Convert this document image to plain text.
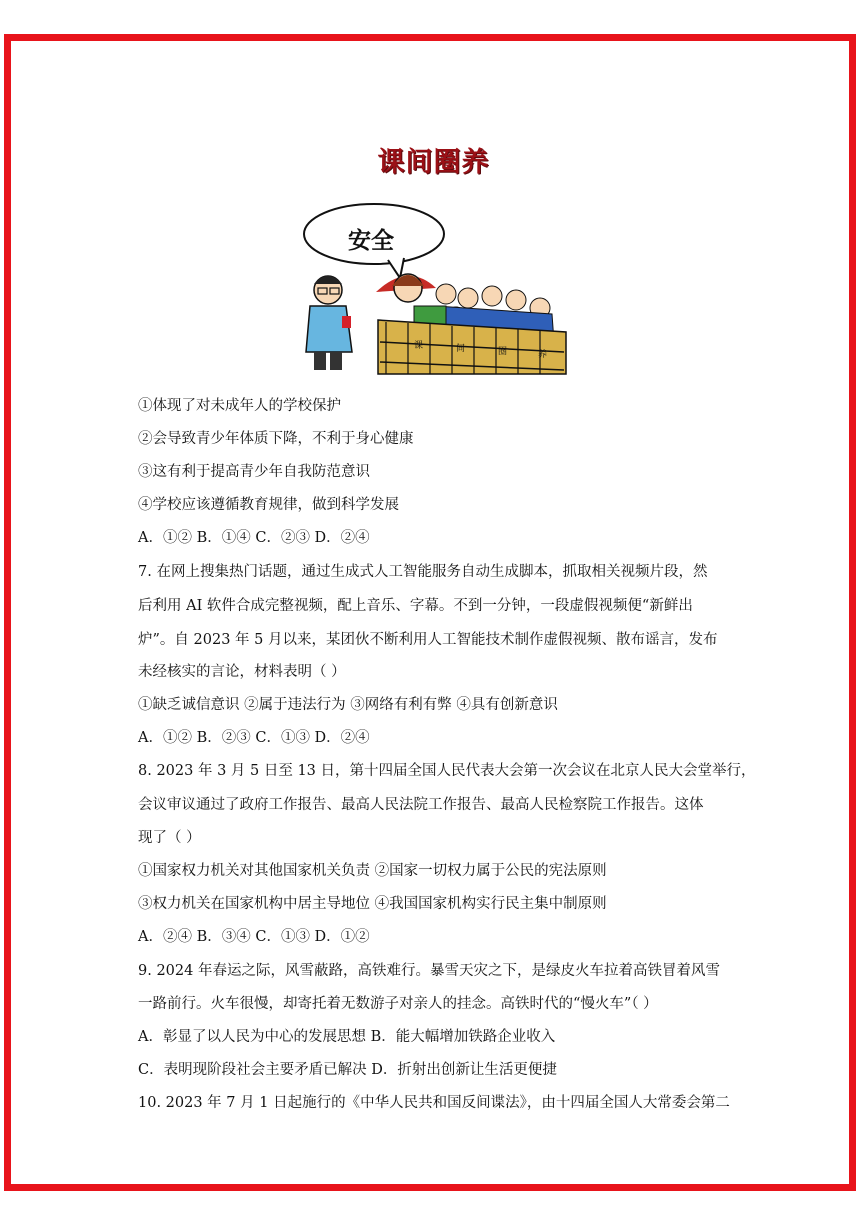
课间圈养
课	间	圈	养
安全
①体现了对未成年人的学校保护
②会导致青少年体质下降，不利于身心健康
③这有利于提高青少年自我防范意识
④学校应该遵循教育规律，做到科学发展
A．①② B．①④ C．②③ D．②④
7. 在网上搜集热门话题，通过生成式人工智能服务自动生成脚本，抓取相关视频片段，然
后利用 AI 软件合成完整视频，配上音乐、字幕。不到一分钟，一段虚假视频便“新鲜出
炉”。自 2023 年 5 月以来，某团伙不断利用人工智能技术制作虚假视频、散布谣言，发布
未经核实的言论，材料表明（ ）
①缺乏诚信意识 ②属于违法行为 ③网络有利有弊 ④具有创新意识
A．①② B．②③ C．①③ D．②④
8. 2023 年 3 月 5 日至 13 日，第十四届全国人民代表大会第一次会议在北京人民大会堂举行，
会议审议通过了政府工作报告、最高人民法院工作报告、最高人民检察院工作报告。这体
现了（ ）
①国家权力机关对其他国家机关负责 ②国家一切权力属于公民的宪法原则
③权力机关在国家机构中居主导地位 ④我国国家机构实行民主集中制原则
A．②④ B．③④ C．①③ D．①②
9. 2024 年春运之际，风雪蔽路，高铁难行。暴雪天灾之下，是绿皮火车拉着高铁冒着风雪
一路前行。火车很慢，却寄托着无数游子对亲人的挂念。高铁时代的“慢火车”（ ）
A．彰显了以人民为中心的发展思想 B．能大幅增加铁路企业收入
C．表明现阶段社会主要矛盾已解决 D．折射出创新让生活更便捷
10. 2023 年 7 月 1 日起施行的《中华人民共和国反间谍法》，由十四届全国人大常委会第二
